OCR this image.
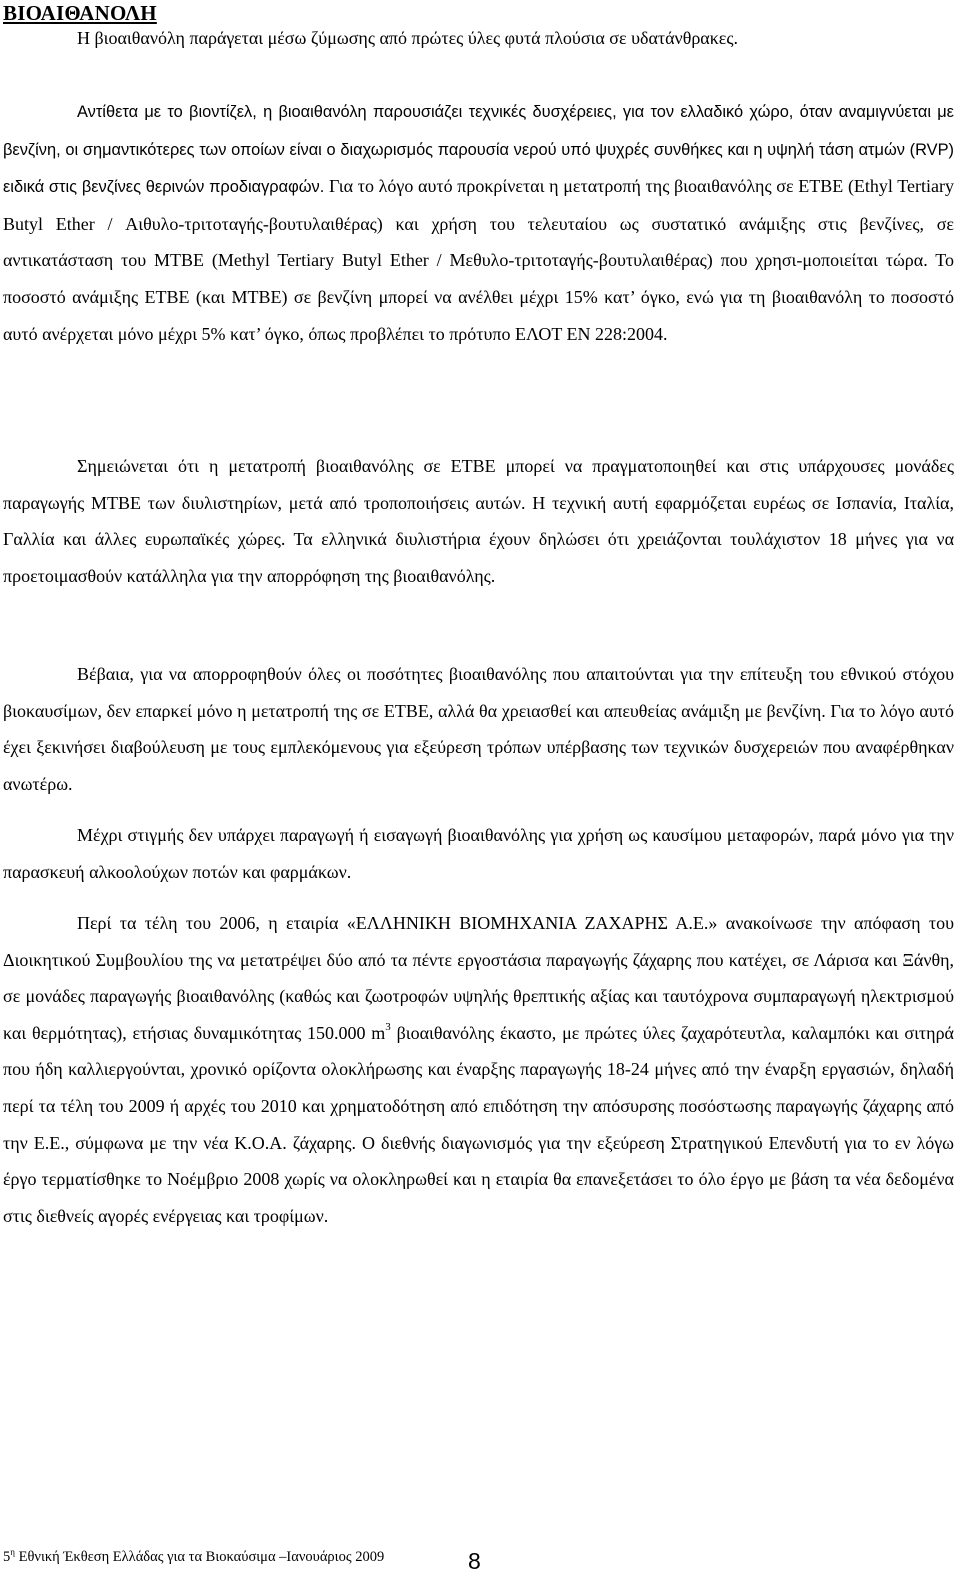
ΒΙΟΑΙΘΑΝΟΛΗ

Η βιοαιθανόλη παράγεται μέσω ζύμωσης από πρώτες ύλες φυτά πλούσια σε υδατάνθρακες.

Αντίθετα με το βιοντίζελ, η βιοαιθανόλη παρουσιάζει τεχνικές δυσχέρειες, για τον ελλαδικό χώρο, όταν αναμιγνύεται με βενζίνη, οι σημαντικότερες των οποίων είναι ο διαχωρισμός παρουσία νερού υπό ψυχρές συνθήκες και η υψηλή τάση ατμών (RVP) ειδικά στις βενζίνες θερινών προδιαγραφών. Για το λόγο αυτό προκρίνεται η μετατροπή της βιοαιθανόλης σε ETBE (Ethyl Tertiary Butyl Ether / Αιθυλο-τριτοταγής-βουτυλαιθέρας) και χρήση του τελευταίου ως συστατικό ανάμιξης στις βενζίνες, σε αντικατάσταση του MTBE (Methyl Tertiary Butyl Ether / Μεθυλο-τριτοταγής-βουτυλαιθέρας) που χρησι-μοποιείται τώρα. Το ποσοστό ανάμιξης ETBE (και MTBE) σε βενζίνη μπορεί να ανέλθει μέχρι 15% κατ’ όγκο, ενώ για τη βιοαιθανόλη το ποσοστό αυτό ανέρχεται μόνο μέχρι 5% κατ’ όγκο, όπως προβλέπει το πρότυπο ΕΛΟΤ ΕΝ 228:2004.

Σημειώνεται ότι η μετατροπή βιοαιθανόλης σε ETBE μπορεί να πραγματοποιηθεί και στις υπάρχουσες μονάδες παραγωγής MTBE των διυλιστηρίων, μετά από τροποποιήσεις αυτών. Η τεχνική αυτή εφαρμόζεται ευρέως σε Ισπανία, Ιταλία, Γαλλία και άλλες ευρωπαϊκές χώρες. Τα ελληνικά διυλιστήρια έχουν δηλώσει ότι χρειάζονται τουλάχιστον 18 μήνες για να προετοιμασθούν κατάλληλα για την απορρόφηση της βιοαιθανόλης.

Βέβαια, για να απορροφηθούν όλες οι ποσότητες βιοαιθανόλης που απαιτούνται για την επίτευξη του εθνικού στόχου βιοκαυσίμων, δεν επαρκεί μόνο η μετατροπή της σε ETBE, αλλά θα χρειασθεί και απευθείας ανάμιξη με βενζίνη. Για το λόγο αυτό έχει ξεκινήσει διαβούλευση με τους εμπλεκόμενους για εξεύρεση τρόπων υπέρβασης των τεχνικών δυσχερειών που αναφέρθηκαν ανωτέρω.

Μέχρι στιγμής δεν υπάρχει παραγωγή ή εισαγωγή βιοαιθανόλης για χρήση ως καυσίμου μεταφορών, παρά μόνο για την παρασκευή αλκοολούχων ποτών και φαρμάκων.

Περί τα τέλη του 2006, η εταιρία «ΕΛΛΗΝΙΚΗ ΒΙΟΜΗΧΑΝΙΑ ΖΑΧΑΡΗΣ Α.Ε.» ανακοίνωσε την απόφαση του Διοικητικού Συμβουλίου της να μετατρέψει δύο από τα πέντε εργοστάσια παραγωγής ζάχαρης που κατέχει, σε Λάρισα και Ξάνθη, σε μονάδες παραγωγής βιοαιθανόλης (καθώς και ζωοτροφών υψηλής θρεπτικής αξίας και ταυτόχρονα συμπαραγωγή ηλεκτρισμού και θερμότητας), ετήσιας δυναμικότητας 150.000 $m^3$ βιοαιθανόλης έκαστο, με πρώτες ύλες ζαχαρότευτλα, καλαμπόκι και σιτηρά που ήδη καλλιεργούνται, χρονικό ορίζοντα ολοκλήρωσης και έναρξης παραγωγής 18-24 μήνες από την έναρξη εργασιών, δηλαδή περί τα τέλη του 2009 ή αρχές του 2010 και χρηματοδότηση από επιδότηση την απόσυρσης ποσόστωσης παραγωγής ζάχαρης από την Ε.Ε., σύμφωνα με την νέα Κ.Ο.Α. ζάχαρης. Ο διεθνής διαγωνισμός για την εξεύρεση Στρατηγικού Επενδυτή για το εν λόγω έργο τερματίσθηκε το Νοέμβριο 2008 χωρίς να ολοκληρωθεί και η εταιρία θα επανεξετάσει το όλο έργο με βάση τα νέα δεδομένα στις διεθνείς αγορές ενέργειας και τροφίμων.

$5^\eta$ Εθνική Έκθεση Ελλάδας για τα Βιοκαύσιμα –Ιανουάριος 2009	8
